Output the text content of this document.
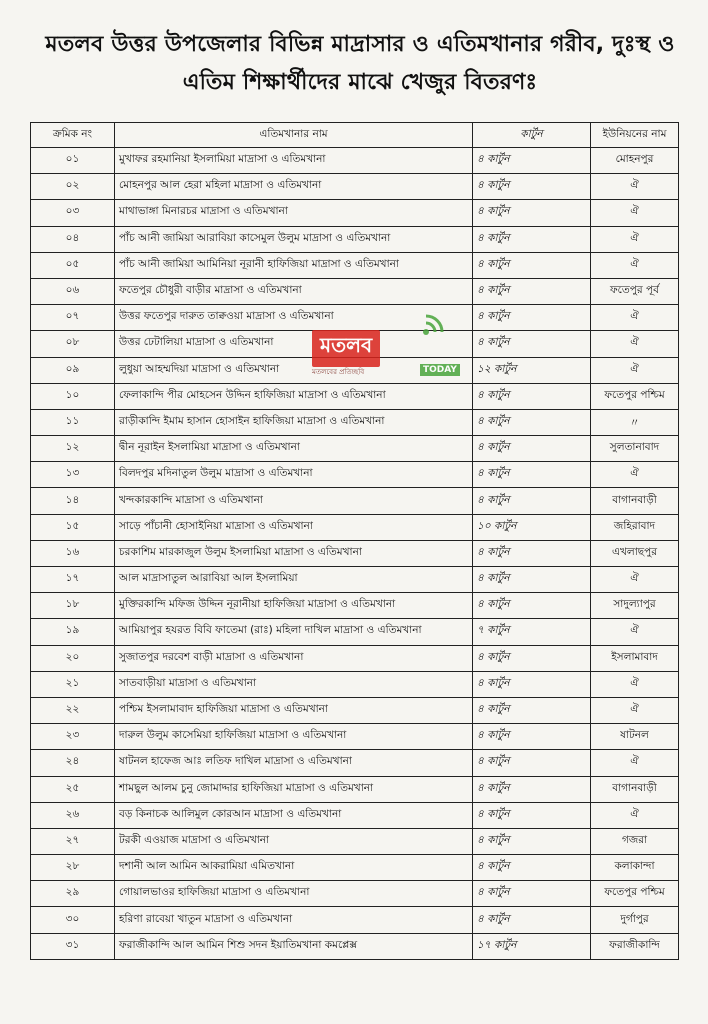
মতলব উত্তর উপজেলার বিভিন্ন মাদ্রাসার ও এতিমখানার গরীব, দুঃস্থ ও
এতিম শিক্ষার্থীদের মাঝে খেজুর বিতরণঃ
ক্রমিক নং	এতিমখানার নাম	কার্টুন	ইউনিয়নের নাম
০১	মুখাফর রহমানিয়া ইসলামিয়া মাদ্রাসা ও এতিমখানা	৪ কার্টুন	মোহনপুর
০২	মোহনপুর আল হেরা মহিলা মাদ্রাসা ও এতিমখানা	৪ কার্টুন	ঐ
০৩	মাথাভাঙ্গা মিনারচর মাদ্রাসা ও এতিমখানা	৪ কার্টুন	ঐ
০৪	পাঁচ আনী জামিয়া আরাবিয়া কাসেমুল উলুম মাদ্রাসা ও এতিমখানা	৪ কার্টুন	ঐ
০৫	পাঁচ আনী জামিয়া আমিনিয়া নূরানী হাফিজিয়া মাদ্রাসা ও এতিমখানা	৪ কার্টুন	ঐ
০৬	ফতেপুর চৌধুরী বাড়ীর মাদ্রাসা ও এতিমখানা	৪ কার্টুন	ফতেপুর পূর্ব
০৭	উত্তর ফতেপুর দারুত তাক্বওয়া মাদ্রাসা ও এতিমখানা	৪ কার্টুন	ঐ
০৮	উত্তর ঢেটালিয়া মাদ্রাসা ও এতিমখানা	৪ কার্টুন	ঐ
০৯	লুধুয়া আহম্মদিয়া মাদ্রাসা ও এতিমখানা	১২ কার্টুন	ঐ
১০	ফেলাকান্দি পীর মোহসেন উদ্দিন হাফিজিয়া মাদ্রাসা ও এতিমখানা	৪ কার্টুন	ফতেপুর পশ্চিম
১১	রাড়ীকান্দি ইমাম হাসান হোসাইন হাফিজিয়া মাদ্রাসা ও এতিমখানা	৪ কার্টুন	〃
১২	দ্বীন নূরাইন ইসলামিয়া মাদ্রাসা ও এতিমখানা	৪ কার্টুন	সুলতানাবাদ
১৩	বিলদপুর মদিনাতুল উলুম মাদ্রাসা ও এতিমখানা	৪ কার্টুন	ঐ
১৪	খন্দকারকান্দি মাদ্রাসা ও এতিমখানা	৪ কার্টুন	বাগানবাড়ী
১৫	সাড়ে পাঁচানী হোসাইনিয়া মাদ্রাসা ও এতিমখানা	১০ কার্টুন	জহিরাবাদ
১৬	চরকাশিম মারকাজুল উলুম ইসলামিয়া মাদ্রাসা ও এতিমখানা	৪ কার্টুন	এখলাছপুর
১৭	আল মাদ্রাসাতুল আরাবিয়া আল ইসলামিয়া	৪ কার্টুন	ঐ
১৮	মুক্তিরকান্দি মফিজ উদ্দিন নূরানীয়া হাফিজিয়া মাদ্রাসা ও এতিমখানা	৪ কার্টুন	সাদুল্যাপুর
১৯	আমিয়াপুর হযরত বিবি ফাতেমা (রাঃ) মহিলা দাখিল মাদ্রাসা ও এতিমখানা	৭ কার্টুন	ঐ
২০	সুজাতপুর দরবেশ বাড়ী মাদ্রাসা ও এতিমখানা	৪ কার্টুন	ইসলামাবাদ
২১	সাতবাড়ীয়া মাদ্রাসা ও এতিমখানা	৪ কার্টুন	ঐ
২২	পশ্চিম ইসলামাবাদ হাফিজিয়া মাদ্রাসা ও এতিমখানা	৪ কার্টুন	ঐ
২৩	দারুল উলুম কাসেমিয়া হাফিজিয়া মাদ্রাসা ও এতিমখানা	৪ কার্টুন	ষাটনল
২৪	ষাটনল হাফেজ আঃ লতিফ দাখিল মাদ্রাসা ও এতিমখানা	৪ কার্টুন	ঐ
২৫	শামছুল আলম চুনু জোমাদ্দার হাফিজিয়া মাদ্রাসা ও এতিমখানা	৪ কার্টুন	বাগানবাড়ী
২৬	বড় কিনাচক আলিমুল কোরআন মাদ্রাসা ও এতিমখানা	৪ কার্টুন	ঐ
২৭	টরকী এওয়াজ মাদ্রাসা ও এতিমখানা	৪ কার্টুন	গজরা
২৮	দশানী আল আমিন আকরামিয়া এমিতখানা	৪ কার্টুন	কলাকান্দা
২৯	গোয়ালভাওর হাফিজিয়া মাদ্রাসা ও এতিমখানা	৪ কার্টুন	ফতেপুর পশ্চিম
৩০	হরিণা রাবেয়া খাতুন মাদ্রাসা ও এতিমখানা	৪ কার্টুন	দুর্গাপুর
৩১	ফরাজীকান্দি আল আমিন শিশু সদন ইয়াতিমখানা কমপ্লেক্স	১৭ কার্টুন	ফরাজীকান্দি
মতলব
মতলবের প্রতিচ্ছবি	TODAY
